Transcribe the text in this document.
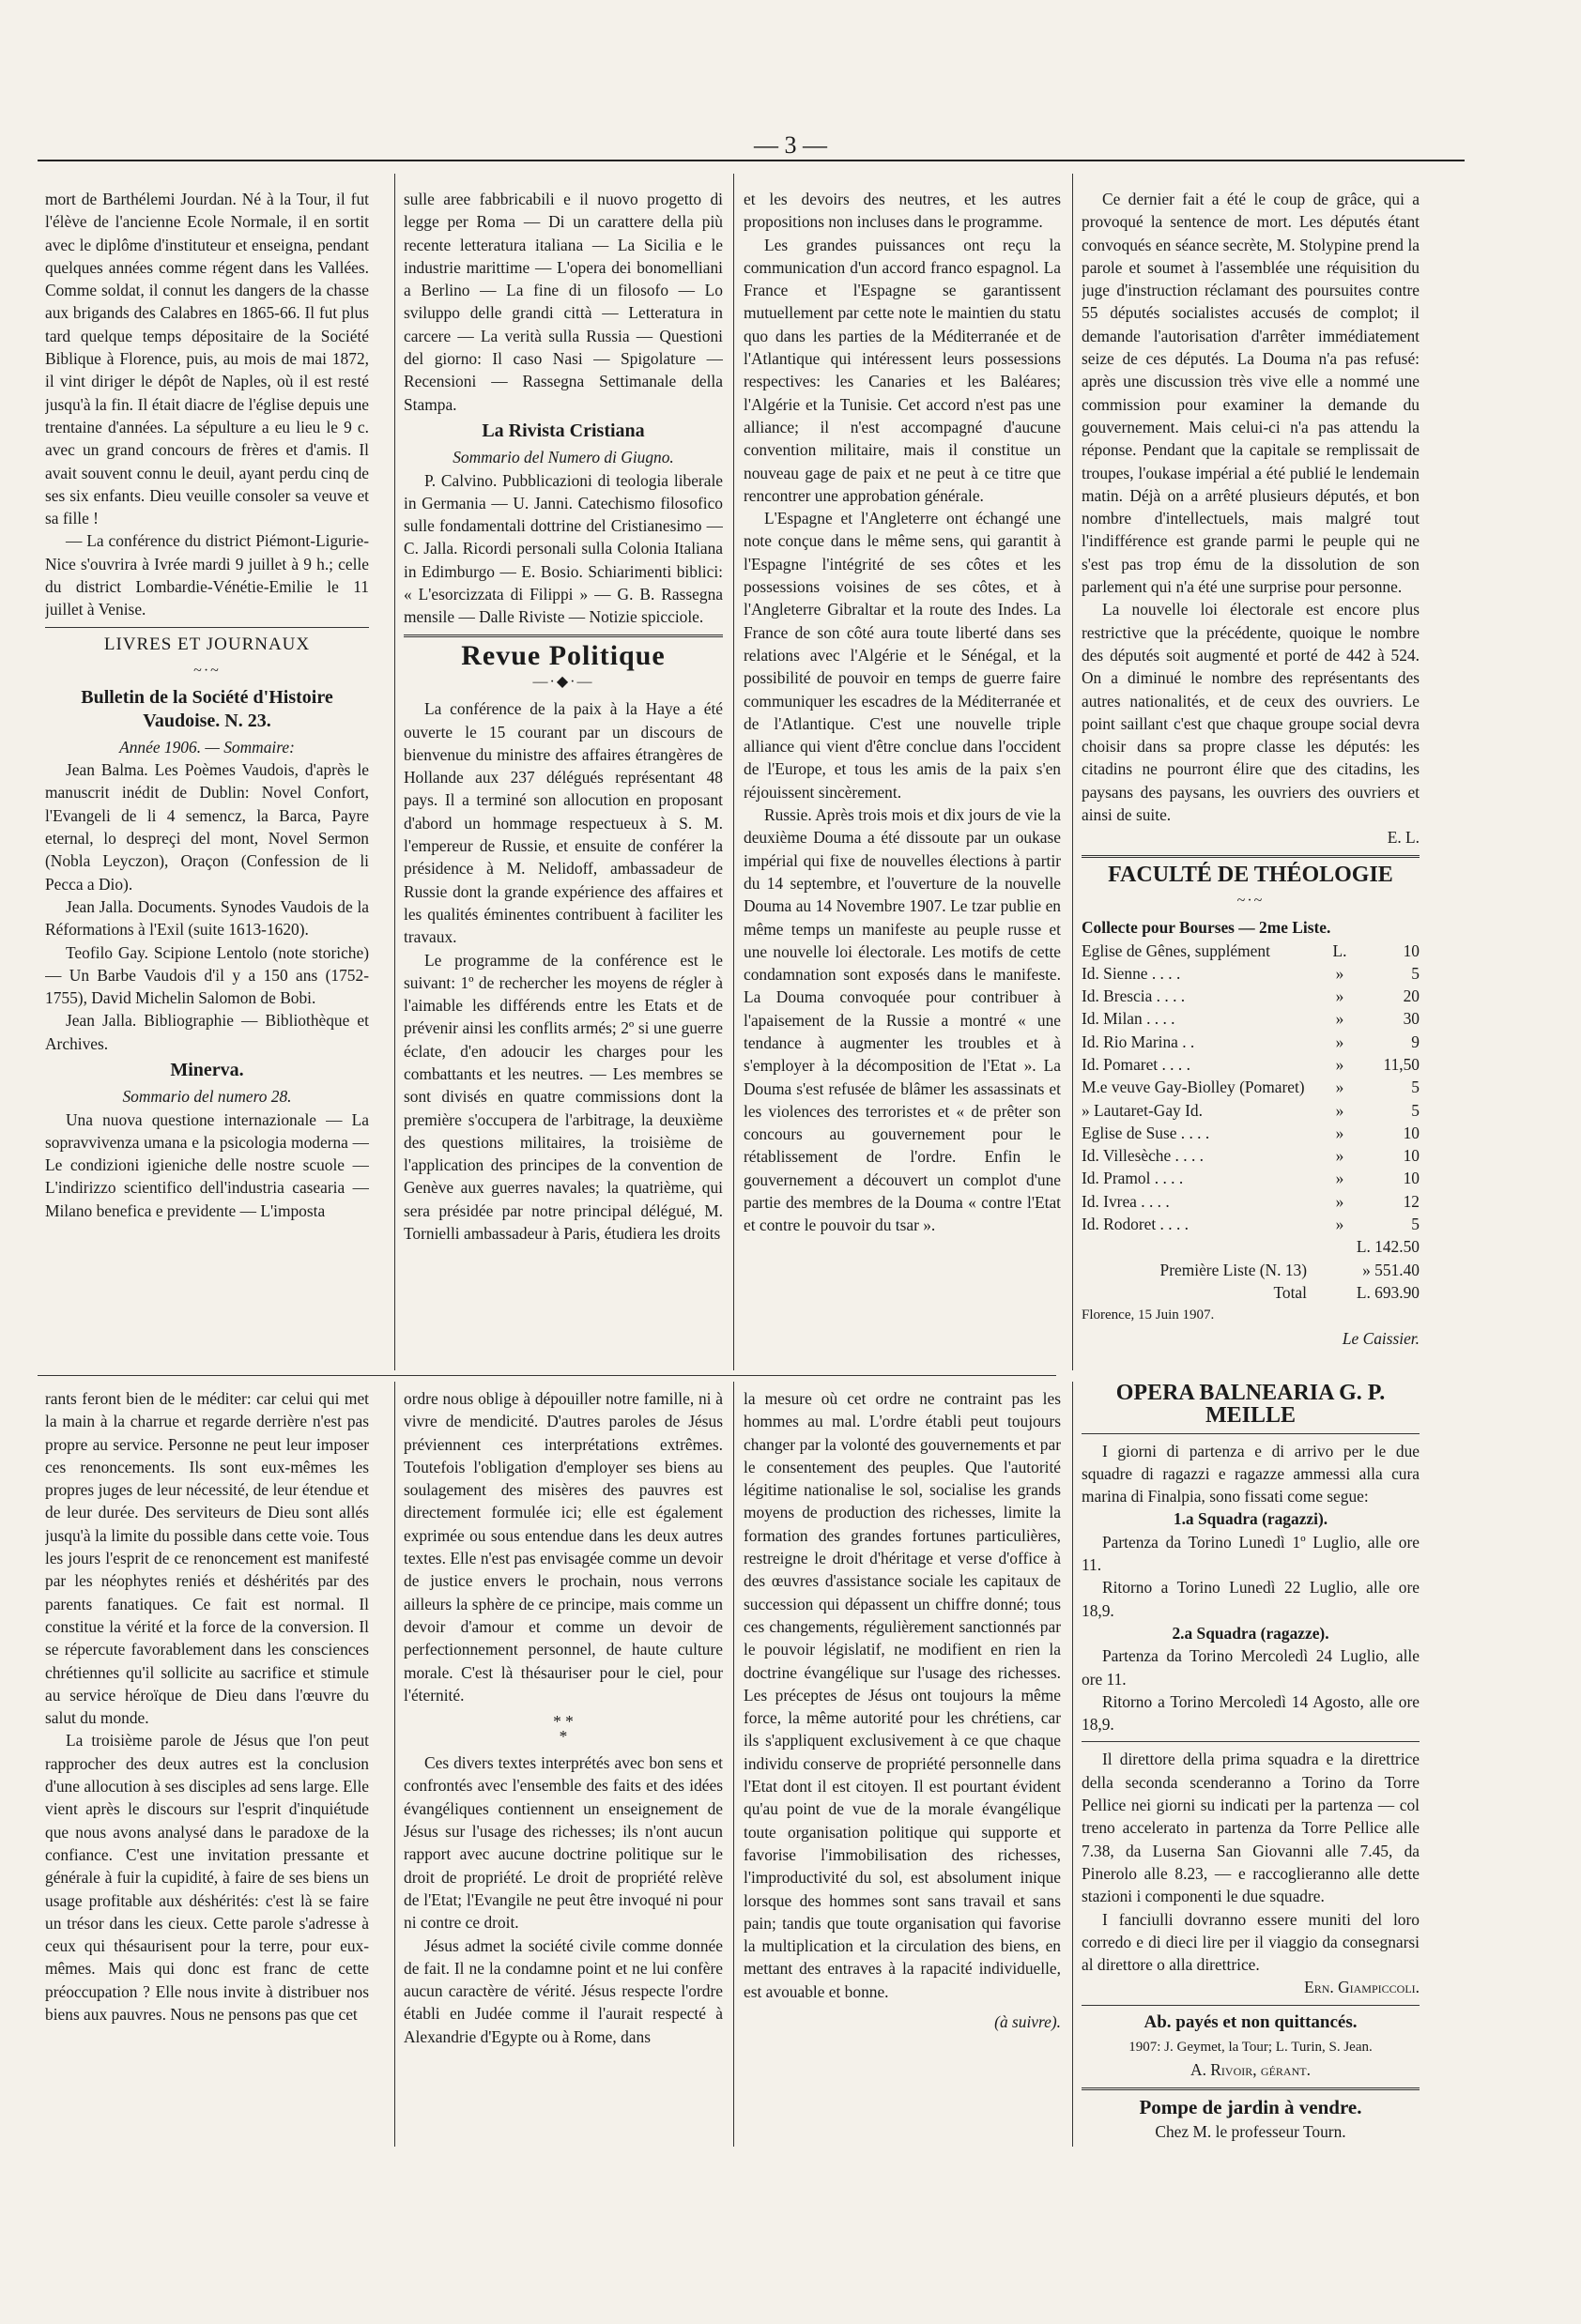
— 3 —

mort de Barthélemi Jourdan. Né à la Tour, il fut l'élève de l'ancienne Ecole Normale, il en sortit avec le diplôme d'instituteur et enseigna, pendant quelques années comme régent dans les Vallées. Comme soldat, il connut les dangers de la chasse aux brigands des Calabres en 1865-66. Il fut plus tard quelque temps dépositaire de la Société Biblique à Florence, puis, au mois de mai 1872, il vint diriger le dépôt de Naples, où il est resté jusqu'à la fin. Il était diacre de l'église depuis une trentaine d'années. La sépulture a eu lieu le 9 c. avec un grand concours de frères et d'amis. Il avait souvent connu le deuil, ayant perdu cinq de ses six enfants. Dieu veuille consoler sa veuve et sa fille !

— La conférence du district Piémont-Ligurie-Nice s'ouvrira à Ivrée mardi 9 juillet à 9 h.; celle du district Lombardie-Vénétie-Emilie le 11 juillet à Venise.

LIVRES ET JOURNAUX
~·~
Bulletin de la Société d'Histoire Vaudoise. N. 23.

Année 1906. — Sommaire:

Jean Balma. Les Poèmes Vaudois, d'après le manuscrit inédit de Dublin: Novel Confort, l'Evangeli de li 4 semencz, la Barca, Payre eternal, lo despreçi del mont, Novel Sermon (Nobla Leyczon), Oraçon (Confession de li Pecca a Dio).

Jean Jalla. Documents. Synodes Vaudois de la Réformations à l'Exil (suite 1613-1620).

Teofilo Gay. Scipione Lentolo (note storiche) — Un Barbe Vaudois d'il y a 150 ans (1752-1755), David Michelin Salomon de Bobi.

Jean Jalla. Bibliographie — Bibliothèque et Archives.

Minerva.

Sommario del numero 28.

Una nuova questione internazionale — La sopravvivenza umana e la psicologia moderna — Le condizioni igieniche delle nostre scuole — L'indirizzo scientifico dell'industria casearia — Milano benefica e previdente — L'imposta

sulle aree fabbricabili e il nuovo progetto di legge per Roma — Di un carattere della più recente letteratura italiana — La Sicilia e le industrie marittime — L'opera dei bonomelliani a Berlino — La fine di un filosofo — Lo sviluppo delle grandi città — Letteratura in carcere — La verità sulla Russia — Questioni del giorno: Il caso Nasi — Spigolature — Recensioni — Rassegna Settimanale della Stampa.

La Rivista Cristiana

Sommario del Numero di Giugno.

P. Calvino. Pubblicazioni di teologia liberale in Germania — U. Janni. Catechismo filosofico sulle fondamentali dottrine del Cristianesimo — C. Jalla. Ricordi personali sulla Colonia Italiana in Edimburgo — E. Bosio. Schiarimenti biblici: « L'esorcizzata di Filippi » — G. B. Rassegna mensile — Dalle Riviste — Notizie spicciole.

Revue Politique
—·◆·—

La conférence de la paix à la Haye a été ouverte le 15 courant par un discours de bienvenue du ministre des affaires étrangères de Hollande aux 237 délégués représentant 48 pays. Il a terminé son allocution en proposant d'abord un hommage respectueux à S. M. l'empereur de Russie, et ensuite de conférer la présidence à M. Nelidoff, ambassadeur de Russie dont la grande expérience des affaires et les qualités éminentes contribuent à faciliter les travaux.

Le programme de la conférence est le suivant: 1º de rechercher les moyens de régler à l'aimable les différends entre les Etats et de prévenir ainsi les conflits armés; 2º si une guerre éclate, d'en adoucir les charges pour les combattants et les neutres. — Les membres se sont divisés en quatre commissions dont la première s'occupera de l'arbitrage, la deuxième des questions militaires, la troisième de l'application des principes de la convention de Genève aux guerres navales; la quatrième, qui sera présidée par notre principal délégué, M. Tornielli ambassadeur à Paris, étudiera les droits

et les devoirs des neutres, et les autres propositions non incluses dans le programme.

Les grandes puissances ont reçu la communication d'un accord franco espagnol. La France et l'Espagne se garantissent mutuellement par cette note le maintien du statu quo dans les parties de la Méditerranée et de l'Atlantique qui intéressent leurs possessions respectives: les Canaries et les Baléares; l'Algérie et la Tunisie. Cet accord n'est pas une alliance; il n'est accompagné d'aucune convention militaire, mais il constitue un nouveau gage de paix et ne peut à ce titre que rencontrer une approbation générale.

L'Espagne et l'Angleterre ont échangé une note conçue dans le même sens, qui garantit à l'Espagne l'intégrité de ses côtes et les possessions voisines de ses côtes, et à l'Angleterre Gibraltar et la route des Indes. La France de son côté aura toute liberté dans ses relations avec l'Algérie et le Sénégal, et la possibilité de pouvoir en temps de guerre faire communiquer les escadres de la Méditerranée et de l'Atlantique. C'est une nouvelle triple alliance qui vient d'être conclue dans l'occident de l'Europe, et tous les amis de la paix s'en réjouissent sincèrement.

Russie. Après trois mois et dix jours de vie la deuxième Douma a été dissoute par un oukase impérial qui fixe de nouvelles élections à partir du 14 septembre, et l'ouverture de la nouvelle Douma au 14 Novembre 1907. Le tzar publie en même temps un manifeste au peuple russe et une nouvelle loi électorale. Les motifs de cette condamnation sont exposés dans le manifeste. La Douma convoquée pour contribuer à l'apaisement de la Russie a montré « une tendance à augmenter les troubles et à s'employer à la décomposition de l'Etat ». La Douma s'est refusée de blâmer les assassinats et les violences des terroristes et « de prêter son concours au gouvernement pour le rétablissement de l'ordre. Enfin le gouvernement a découvert un complot d'une partie des membres de la Douma « contre l'Etat et contre le pouvoir du tsar ».

Ce dernier fait a été le coup de grâce, qui a provoqué la sentence de mort. Les députés étant convoqués en séance secrète, M. Stolypine prend la parole et soumet à l'assemblée une réquisition du juge d'instruction réclamant des poursuites contre 55 députés socialistes accusés de complot; il demande l'autorisation d'arrêter immédiatement seize de ces députés. La Douma n'a pas refusé: après une discussion très vive elle a nommé une commission pour examiner la demande du gouvernement. Mais celui-ci n'a pas attendu la réponse. Pendant que la capitale se remplissait de troupes, l'oukase impérial a été publié le lendemain matin. Déjà on a arrêté plusieurs députés, et bon nombre d'intellectuels, mais malgré tout l'indifférence est grande parmi le peuple qui ne s'est pas trop ému de la dissolution de son parlement qui n'a été une surprise pour personne.

La nouvelle loi électorale est encore plus restrictive que la précédente, quoique le nombre des députés soit augmenté et porté de 442 à 524. On a diminué le nombre des représentants des autres nationalités, et de ceux des ouvriers. Le point saillant c'est que chaque groupe social devra choisir dans sa propre classe les députés: les citadins ne pourront élire que des citadins, les paysans des paysans, les ouvriers des ouvriers et ainsi de suite.

E. L.

FACULTÉ DE THÉOLOGIE
~·~

Collecte pour Bourses — 2me Liste.

Eglise de Gênes, supplément	L.	10
Id. Sienne . . . .	»	5
Id. Brescia . . . .	»	20
Id. Milan . . . .	»	30
Id. Rio Marina . .	»	9
Id. Pomaret . . . .	»	11,50
M.e veuve Gay-Biolley (Pomaret)	»	5
» Lautaret-Gay Id.	»	5
Eglise de Suse . . . .	»	10
Id. Villesèche . . . .	»	10
Id. Pramol . . . .	»	10
Id. Ivrea . . . .	»	12
Id. Rodoret . . . .	»	5
	L. 142.50
Première Liste (N. 13)	» 551.40
Total	L. 693.90

Florence, 15 Juin 1907.

Le Caissier.

rants feront bien de le méditer: car celui qui met la main à la charrue et regarde derrière n'est pas propre au service. Personne ne peut leur imposer ces renoncements. Ils sont eux-mêmes les propres juges de leur nécessité, de leur étendue et de leur durée. Des serviteurs de Dieu sont allés jusqu'à la limite du possible dans cette voie. Tous les jours l'esprit de ce renoncement est manifesté par les néophytes reniés et déshérités par des parents fanatiques. Ce fait est normal. Il constitue la vérité et la force de la conversion. Il se répercute favorablement dans les consciences chrétiennes qu'il sollicite au sacrifice et stimule au service héroïque de Dieu dans l'œuvre du salut du monde.

La troisième parole de Jésus que l'on peut rapprocher des deux autres est la conclusion d'une allocution à ses disciples ad sens large. Elle vient après le discours sur l'esprit d'inquiétude que nous avons analysé dans le paradoxe de la confiance. C'est une invitation pressante et générale à fuir la cupidité, à faire de ses biens un usage profitable aux déshérités: c'est là se faire un trésor dans les cieux. Cette parole s'adresse à ceux qui thésaurisent pour la terre, pour eux-mêmes. Mais qui donc est franc de cette préoccupation ? Elle nous invite à distribuer nos biens aux pauvres. Nous ne pensons pas que cet

ordre nous oblige à dépouiller notre famille, ni à vivre de mendicité. D'autres paroles de Jésus préviennent ces interprétations extrêmes. Toutefois l'obligation d'employer ses biens au soulagement des misères des pauvres est directement formulée ici; elle est également exprimée ou sous entendue dans les deux autres textes. Elle n'est pas envisagée comme un devoir de justice envers le prochain, nous verrons ailleurs la sphère de ce principe, mais comme un devoir d'amour et comme un devoir de perfectionnement personnel, de haute culture morale. C'est là thésauriser pour le ciel, pour l'éternité.

* *
*

Ces divers textes interprétés avec bon sens et confrontés avec l'ensemble des faits et des idées évangéliques contiennent un enseignement de Jésus sur l'usage des richesses; ils n'ont aucun rapport avec aucune doctrine politique sur le droit de propriété. Le droit de propriété relève de l'Etat; l'Evangile ne peut être invoqué ni pour ni contre ce droit.

Jésus admet la société civile comme donnée de fait. Il ne la condamne point et ne lui confère aucun caractère de vérité. Jésus respecte l'ordre établi en Judée comme il l'aurait respecté à Alexandrie d'Egypte ou à Rome, dans

la mesure où cet ordre ne contraint pas les hommes au mal. L'ordre établi peut toujours changer par la volonté des gouvernements et par le consentement des peuples. Que l'autorité légitime nationalise le sol, socialise les grands moyens de production des richesses, limite la formation des grandes fortunes particulières, restreigne le droit d'héritage et verse d'office à des œuvres d'assistance sociale les capitaux de succession qui dépassent un chiffre donné; tous ces changements, régulièrement sanctionnés par le pouvoir législatif, ne modifient en rien la doctrine évangélique sur l'usage des richesses. Les préceptes de Jésus ont toujours la même force, la même autorité pour les chrétiens, car ils s'appliquent exclusivement à ce que chaque individu conserve de propriété personnelle dans l'Etat dont il est citoyen. Il est pourtant évident qu'au point de vue de la morale évangélique toute organisation politique qui supporte et favorise l'immobilisation des richesses, l'improductivité du sol, est absolument inique lorsque des hommes sont sans travail et sans pain; tandis que toute organisation qui favorise la multiplication et la circulation des biens, en mettant des entraves à la rapacité individuelle, est avouable et bonne.

(à suivre).

OPERA BALNEARIA G. P. MEILLE

I giorni di partenza e di arrivo per le due squadre di ragazzi e ragazze ammessi alla cura marina di Finalpia, sono fissati come segue:

1.a Squadra (ragazzi).

Partenza da Torino Lunedì 1º Luglio, alle ore 11.

Ritorno a Torino Lunedì 22 Luglio, alle ore 18,9.

2.a Squadra (ragazze).

Partenza da Torino Mercoledì 24 Luglio, alle ore 11.

Ritorno a Torino Mercoledì 14 Agosto, alle ore 18,9.

Il direttore della prima squadra e la direttrice della seconda scenderanno a Torino da Torre Pellice nei giorni su indicati per la partenza — col treno accelerato in partenza da Torre Pellice alle 7.38, da Luserna San Giovanni alle 7.45, da Pinerolo alle 8.23, — e raccoglieranno alle dette stazioni i componenti le due squadre.

I fanciulli dovranno essere muniti del loro corredo e di dieci lire per il viaggio da consegnarsi al direttore o alla direttrice.

Ern. Giampiccoli.

Ab. payés et non quittancés.

1907: J. Geymet, la Tour; L. Turin, S. Jean.

A. Rivoir, gérant.

Pompe de jardin à vendre.

Chez M. le professeur Tourn.
